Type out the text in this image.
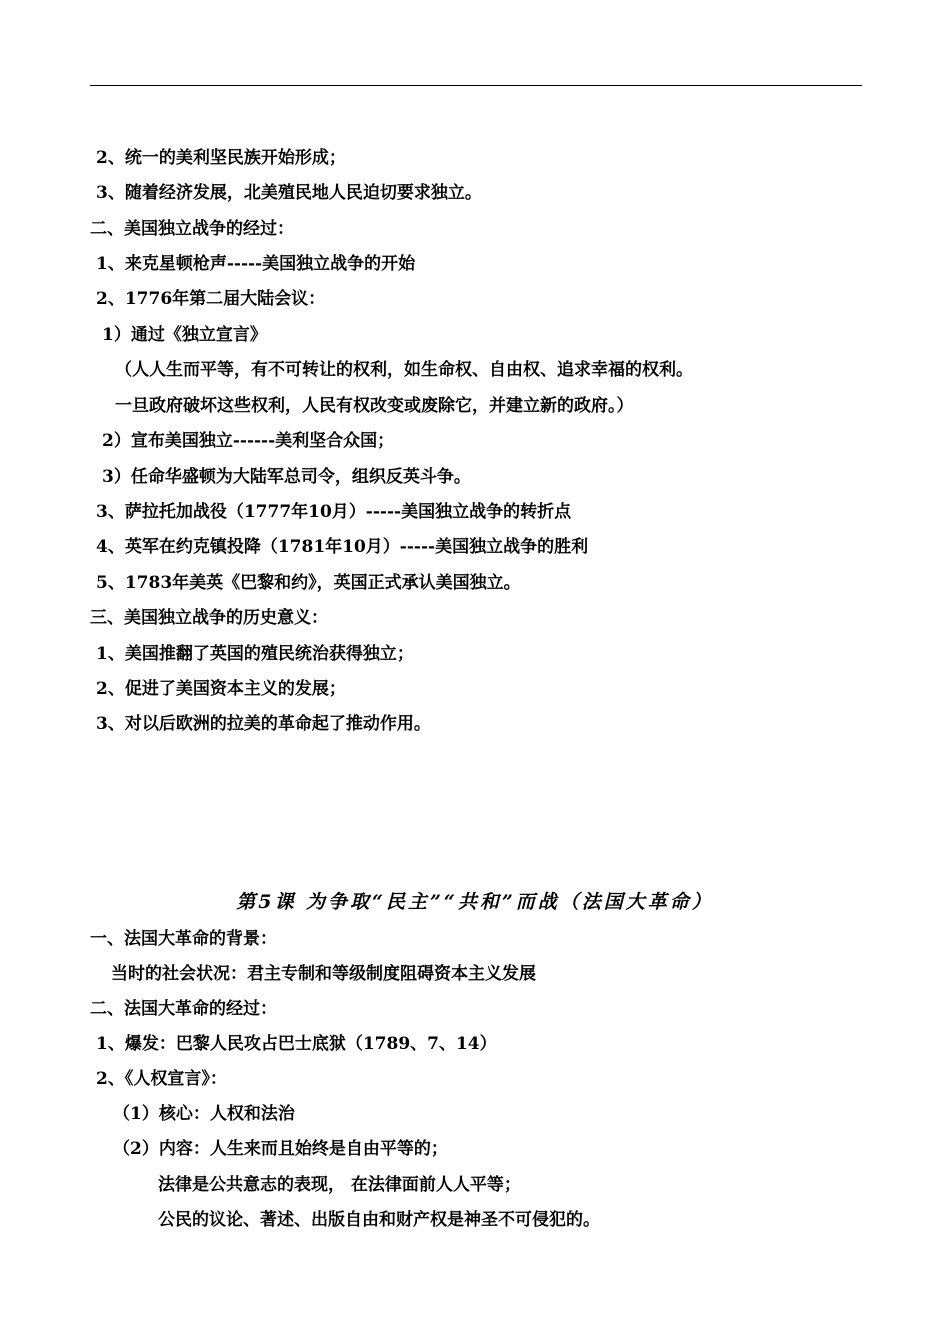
2、统一的美利坚民族开始形成；
3、随着经济发展，北美殖民地人民迫切要求独立。
二、美国独立战争的经过：
1、来克星顿枪声-----美国独立战争的开始
2、1776年第二届大陆会议：
1）通过《独立宣言》
（人人生而平等，有不可转让的权利，如生命权、自由权、追求幸福的权利。
一旦政府破坏这些权利，人民有权改变或废除它，并建立新的政府。）
2）宣布美国独立------美利坚合众国；
3）任命华盛顿为大陆军总司令，组织反英斗争。
3、萨拉托加战役（1777年10月）-----美国独立战争的转折点
4、英军在约克镇投降（1781年10月）-----美国独立战争的胜利
5、1783年美英《巴黎和约》，英国正式承认美国独立。
三、美国独立战争的历史意义：
1、美国推翻了英国的殖民统治获得独立；
2、促进了美国资本主义的发展；
3、对以后欧洲的拉美的革命起了推动作用。
第5课 为争取“民主”“共和”而战（法国大革命）
一、法国大革命的背景：
当时的社会状况：君主专制和等级制度阻碍资本主义发展
二、法国大革命的经过：
1、爆发：巴黎人民攻占巴士底狱（1789、7、14）
2、《人权宣言》：
（1）核心：人权和法治
（2）内容：人生来而且始终是自由平等的；
法律是公共意志的表现， 在法律面前人人平等；
公民的议论、著述、出版自由和财产权是神圣不可侵犯的。
